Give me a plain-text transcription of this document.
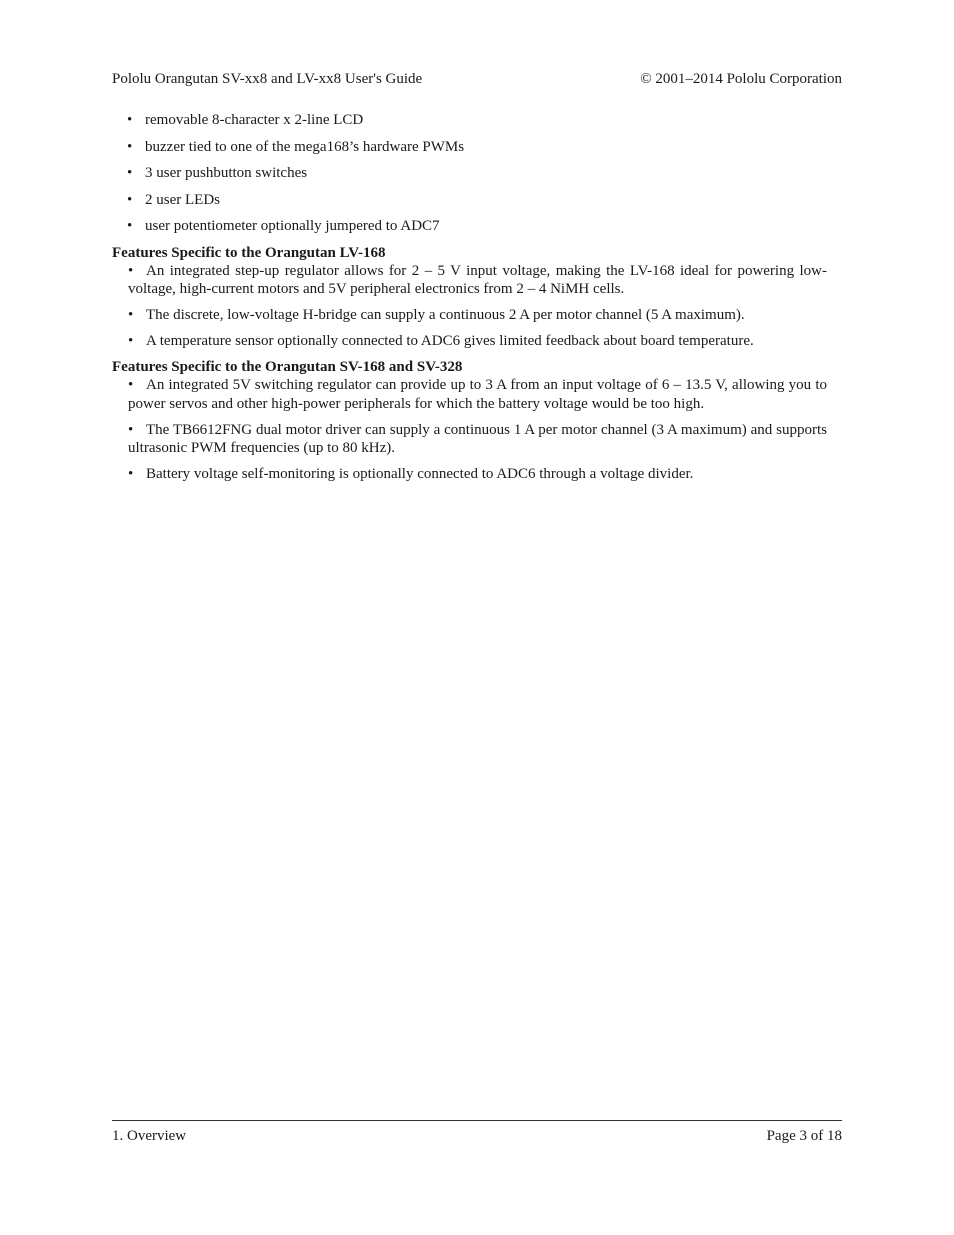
Pololu Orangutan SV-xx8 and LV-xx8 User's Guide	© 2001–2014 Pololu Corporation
• removable 8-character x 2-line LCD
• buzzer tied to one of the mega168’s hardware PWMs
• 3 user pushbutton switches
• 2 user LEDs
• user potentiometer optionally jumpered to ADC7
Features Specific to the Orangutan LV-168
• An integrated step-up regulator allows for 2 – 5 V input voltage, making the LV-168 ideal for powering low-voltage, high-current motors and 5V peripheral electronics from 2 – 4 NiMH cells.
• The discrete, low-voltage H-bridge can supply a continuous 2 A per motor channel (5 A maximum).
• A temperature sensor optionally connected to ADC6 gives limited feedback about board temperature.
Features Specific to the Orangutan SV-168 and SV-328
• An integrated 5V switching regulator can provide up to 3 A from an input voltage of 6 – 13.5 V, allowing you to power servos and other high-power peripherals for which the battery voltage would be too high.
• The TB6612FNG dual motor driver can supply a continuous 1 A per motor channel (3 A maximum) and supports ultrasonic PWM frequencies (up to 80 kHz).
• Battery voltage self-monitoring is optionally connected to ADC6 through a voltage divider.
1. Overview	Page 3 of 18
